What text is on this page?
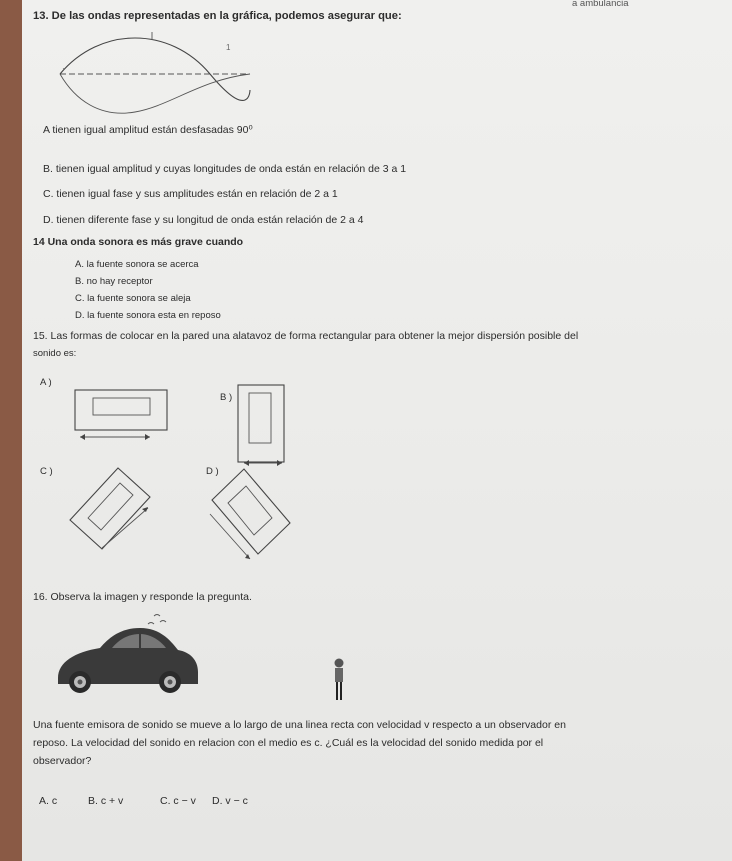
a ambulancia
13. De las ondas representadas en la gráfica, podemos asegurar que:
1
·
A tienen igual amplitud están desfasadas 90⁰
B. tienen igual amplitud y cuyas longitudes de onda están en relación de 3 a 1
C. tienen igual fase y sus amplitudes están en relación de 2 a 1
D. tienen diferente fase y su longitud de onda están relación de 2 a 4
14 Una onda sonora es más grave cuando
A. la fuente sonora se acerca
B. no hay receptor
C. la fuente sonora se aleja
D. la fuente sonora esta en reposo
15. Las formas de colocar en la pared una alatavoz de forma rectangular para obtener la mejor dispersión posible del
sonido es:
A )
B )
C )	D )
16. Observa la imagen y responde la pregunta.
Una fuente emisora de sonido se mueve a lo largo de una linea recta con velocidad v respecto a un observador en
reposo. La velocidad del sonido en relacion con el medio es c. ¿Cuál es la velocidad del sonido medida por el
observador?
A. c	B. c + v	C. c − v D. v − c
